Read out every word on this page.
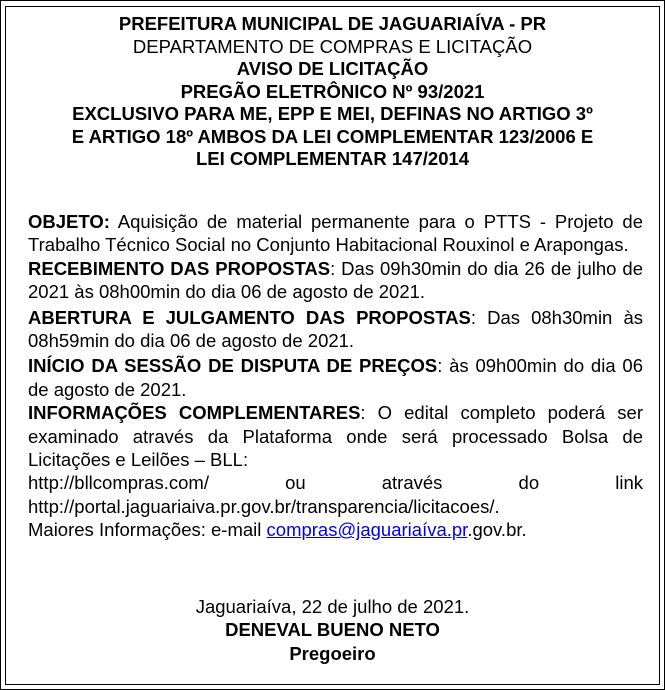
PREFEITURA MUNICIPAL DE JAGUARIAÍVA - PR
DEPARTAMENTO DE COMPRAS E LICITAÇÃO
AVISO DE LICITAÇÃO
PREGÃO ELETRÔNICO Nº 93/2021
EXCLUSIVO PARA ME, EPP E MEI, DEFINAS NO ARTIGO 3º
E ARTIGO 18º AMBOS DA LEI COMPLEMENTAR 123/2006 E
LEI COMPLEMENTAR 147/2014

OBJETO: Aquisição de material permanente para o PTTS - Projeto de Trabalho Técnico Social no Conjunto Habitacional Rouxinol e Arapongas.

RECEBIMENTO DAS PROPOSTAS: Das 09h30min do dia 26 de julho de 2021 às 08h00min do dia 06 de agosto de 2021.

ABERTURA E JULGAMENTO DAS PROPOSTAS: Das 08h30min às 08h59min do dia 06 de agosto de 2021.

INÍCIO DA SESSÃO DE DISPUTA DE PREÇOS: às 09h00min do dia 06 de agosto de 2021.

INFORMAÇÕES COMPLEMENTARES: O edital completo poderá ser examinado através da Plataforma onde será processado Bolsa de Licitações e Leilões – BLL:

http://bllcompras.com/	ou	através	do	link
http://portal.jaguariaiva.pr.gov.br/transparencia/licitacoes/.
Maiores Informações: e-mail compras@jaguariaíva.pr.gov.br.
Jaguariaíva, 22 de julho de 2021.
DENEVAL BUENO NETO
Pregoeiro
